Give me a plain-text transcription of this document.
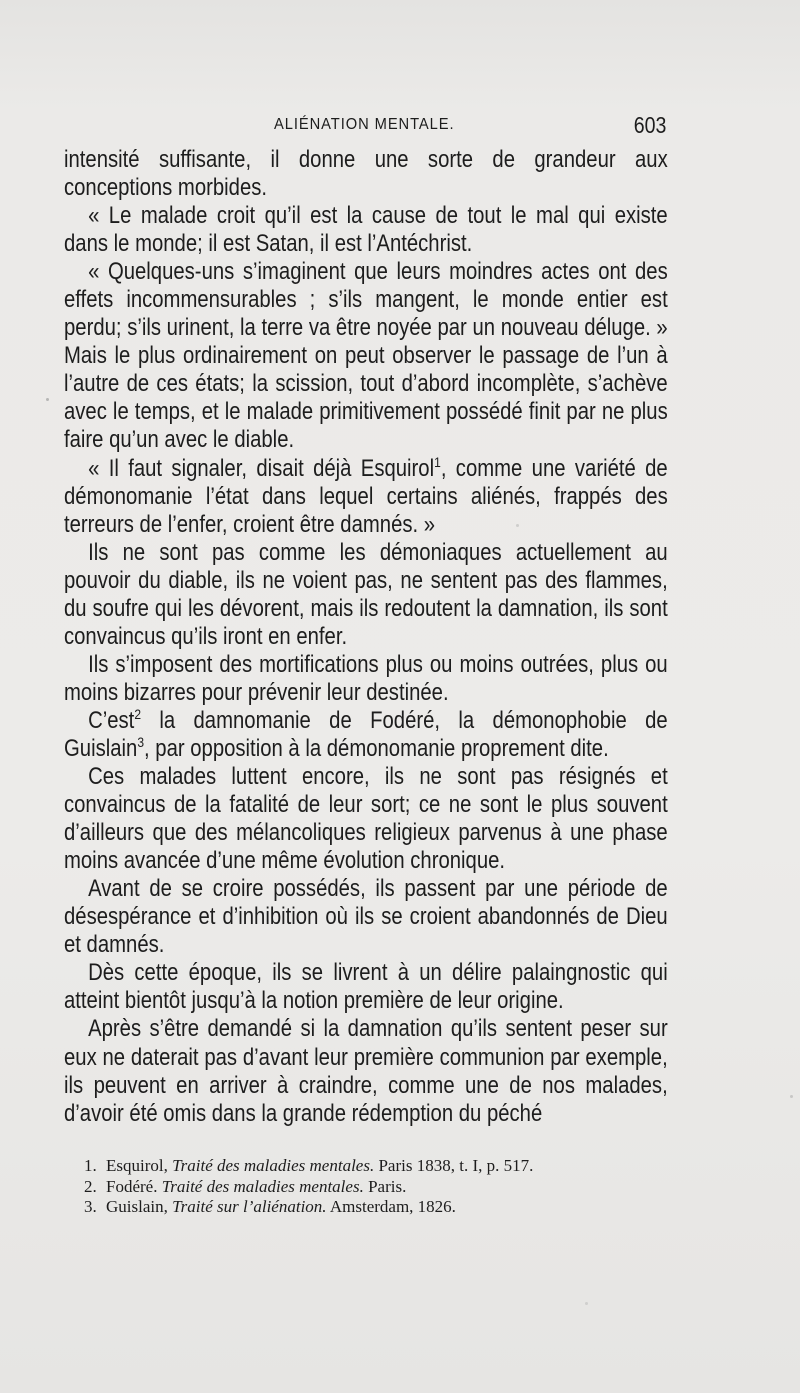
ALIÉNATION MENTALE.	603

intensité suffisante, il donne une sorte de grandeur aux conceptions morbides.

« Le malade croit qu’il est la cause de tout le mal qui existe dans le monde; il est Satan, il est l’Antéchrist.

« Quelques-uns s’imaginent que leurs moindres actes ont des effets incommensurables ; s’ils mangent, le monde entier est perdu; s’ils urinent, la terre va être noyée par un nouveau déluge. » Mais le plus ordinairement on peut observer le passage de l’un à l’autre de ces états; la scission, tout d’abord incomplète, s’achève avec le temps, et le malade primitivement possédé finit par ne plus faire qu’un avec le diable.

« Il faut signaler, disait déjà Esquirol$^1$, comme une variété de démonomanie l’état dans lequel certains aliénés, frappés des terreurs de l’enfer, croient être damnés. »

Ils ne sont pas comme les démoniaques actuellement au pouvoir du diable, ils ne voient pas, ne sentent pas des flammes, du soufre qui les dévorent, mais ils redoutent la damnation, ils sont convaincus qu’ils iront en enfer.

Ils s’imposent des mortifications plus ou moins outrées, plus ou moins bizarres pour prévenir leur destinée.

C’est$^2$ la damnomanie de Fodéré, la démonophobie de Guislain$^3$, par opposition à la démonomanie proprement dite.

Ces malades luttent encore, ils ne sont pas résignés et convaincus de la fatalité de leur sort; ce ne sont le plus souvent d’ailleurs que des mélancoliques religieux parvenus à une phase moins avancée d’une même évolution chronique.

Avant de se croire possédés, ils passent par une période de désespérance et d’inhibition où ils se croient abandonnés de Dieu et damnés.

Dès cette époque, ils se livrent à un délire palaingnostic qui atteint bientôt jusqu’à la notion première de leur origine.

Après s’être demandé si la damnation qu’ils sentent peser sur eux ne daterait pas d’avant leur première communion par exemple, ils peuvent en arriver à craindre, comme une de nos malades, d’avoir été omis dans la grande rédemption du péché

1. Esquirol, Traité des maladies mentales. Paris 1838, t. I, p. 517.

2. Fodéré. Traité des maladies mentales. Paris.

3. Guislain, Traité sur l’aliénation. Amsterdam, 1826.
